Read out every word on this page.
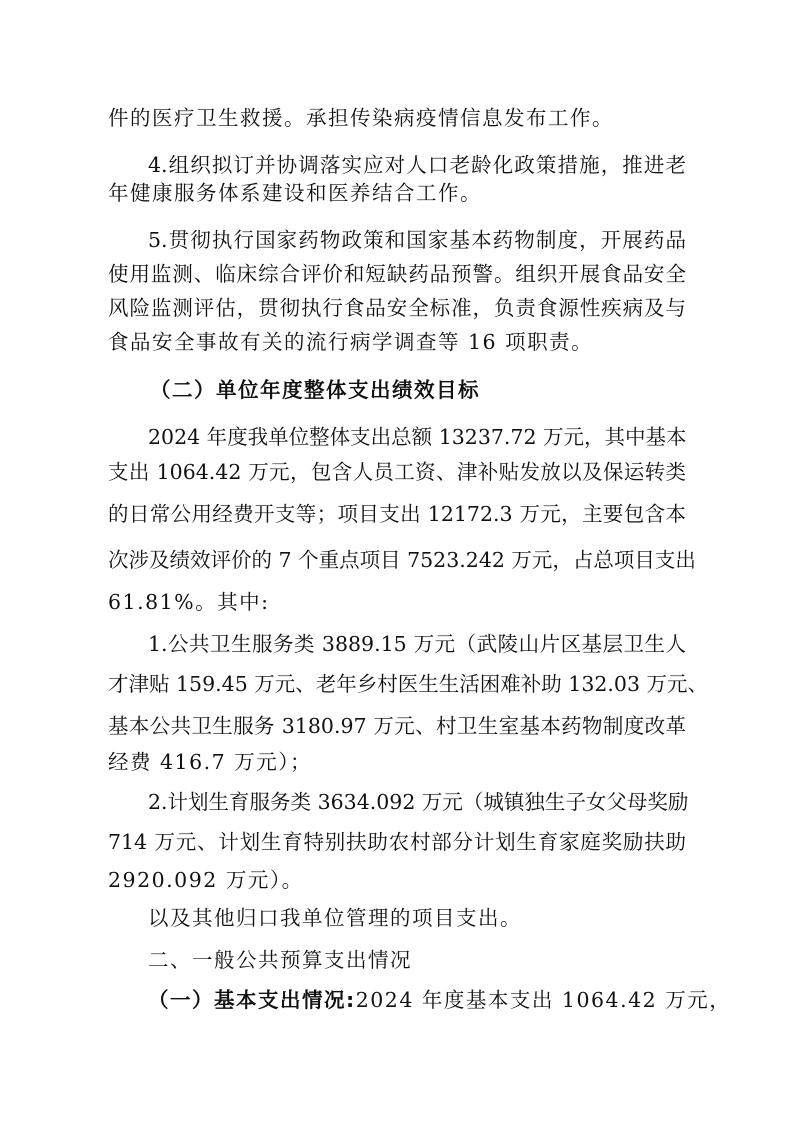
件的医疗卫生救援。承担传染病疫情信息发布工作。
4.组织拟订并协调落实应对人口老龄化政策措施，推进老
年健康服务体系建设和医养结合工作。
5.贯彻执行国家药物政策和国家基本药物制度，开展药品
使用监测、临床综合评价和短缺药品预警。组织开展食品安全
风险监测评估，贯彻执行食品安全标准，负责食源性疾病及与
食品安全事故有关的流行病学调查等 16 项职责。
（二）单位年度整体支出绩效目标
2024 年度我单位整体支出总额 13237.72 万元，其中基本
支出 1064.42 万元，包含人员工资、津补贴发放以及保运转类
的日常公用经费开支等；项目支出 12172.3 万元，主要包含本
次涉及绩效评价的 7 个重点项目 7523.242 万元，占总项目支出
61.81%。其中:
1.公共卫生服务类 3889.15 万元（武陵山片区基层卫生人
才津贴 159.45 万元、老年乡村医生生活困难补助 132.03 万元、
基本公共卫生服务 3180.97 万元、村卫生室基本药物制度改革
经费 416.7 万元）；
2.计划生育服务类 3634.092 万元（城镇独生子女父母奖励
714 万元、计划生育特别扶助农村部分计划生育家庭奖励扶助
2920.092 万元）。
以及其他归口我单位管理的项目支出。
二、一般公共预算支出情况
（一）基本支出情况:2024 年度基本支出 1064.42 万元，
